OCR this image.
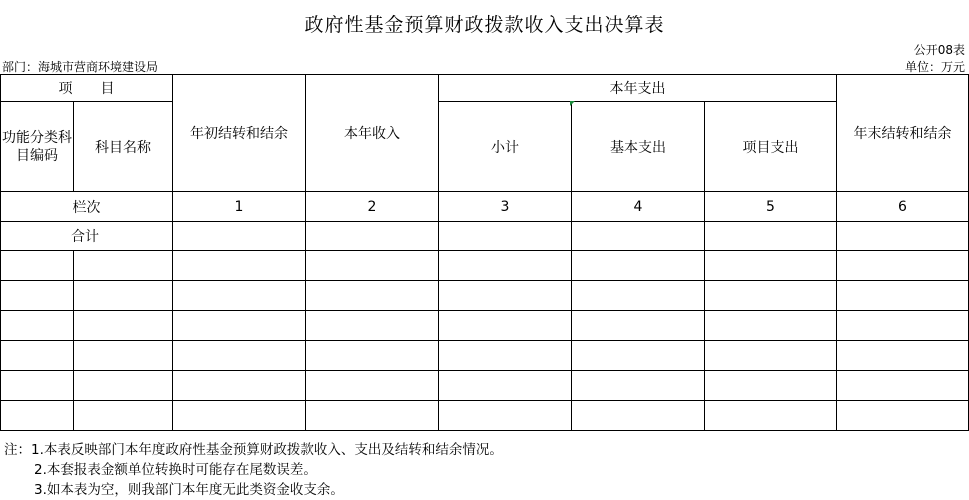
政府性基金预算财政拨款收入支出决算表
公开08表
部门：海城市营商环境建设局	单位：万元
项　　目		年初结转和结余	本年收入	本年支出			年末结转和结余
功能分类科目编码	科目名称			小计	基本支出	项目支出	
栏次		1	2	3	4	5	6
合计							

注：1.本表反映部门本年度政府性基金预算财政拨款收入、支出及结转和结余情况。
2.本套报表金额单位转换时可能存在尾数误差。
3.如本表为空，则我部门本年度无此类资金收支余。
